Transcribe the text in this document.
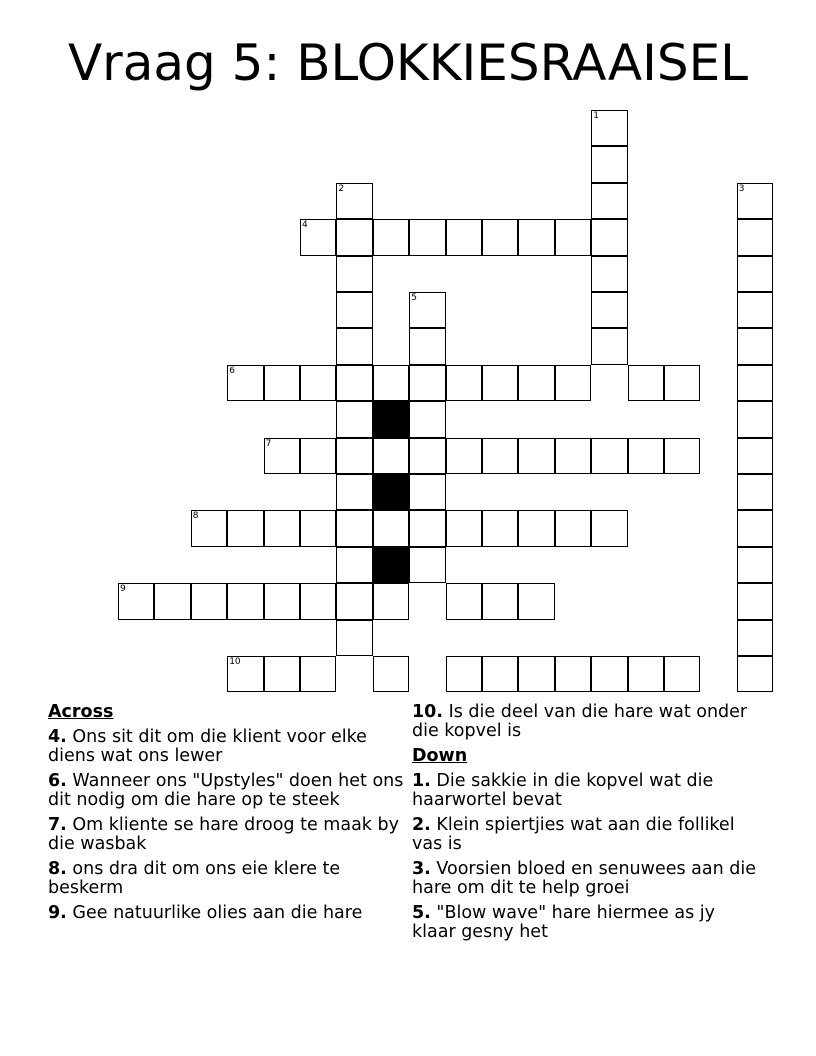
Vraag 5: BLOKKIESRAAISEL
1
2	3
4
5
6
7
8
9
10
Across
4. Ons sit dit om die klient voor elke diens wat ons lewer
6. Wanneer ons "Upstyles" doen het ons dit nodig om die hare op te steek
7. Om kliente se hare droog te maak by die wasbak
8. ons dra dit om ons eie klere te beskerm
9. Gee natuurlike olies aan die hare
10. Is die deel van die hare wat onder die kopvel is
Down
1. Die sakkie in die kopvel wat die haarwortel bevat
2. Klein spiertjies wat aan die follikel vas is
3. Voorsien bloed en senuwees aan die hare om dit te help groei
5. "Blow wave" hare hiermee as jy klaar gesny het
